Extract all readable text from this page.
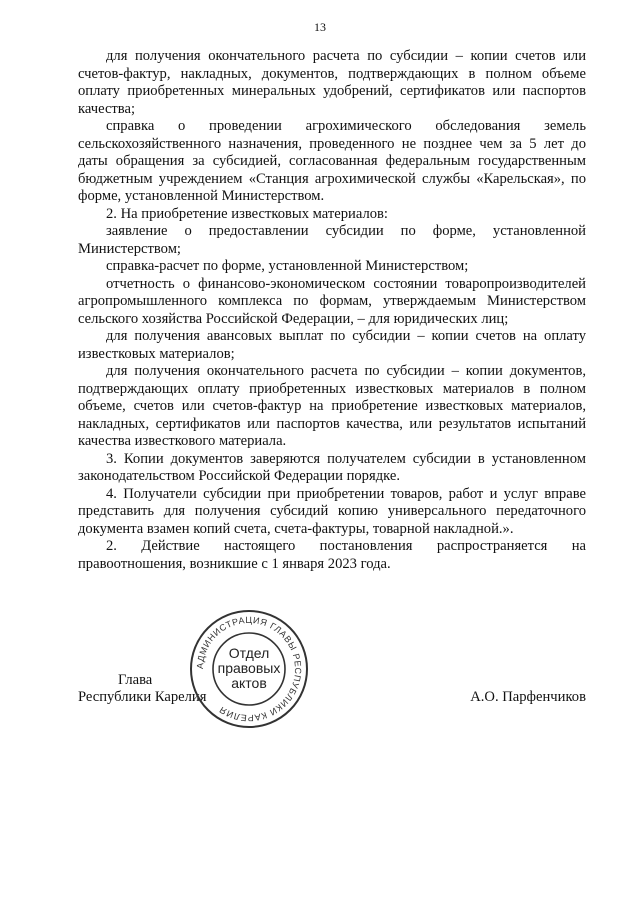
13

для получения окончательного расчета по субсидии – копии счетов или счетов-фактур, накладных, документов, подтверждающих в полном объеме оплату приобретенных минеральных удобрений, сертификатов или паспортов качества;

справка о проведении агрохимического обследования земель сельскохозяйственного назначения, проведенного не позднее чем за 5 лет до даты обращения за субсидией, согласованная федеральным государственным бюджетным учреждением «Станция агрохимической службы «Карельская», по форме, установленной Министерством.

2. На приобретение известковых материалов:

заявление о предоставлении субсидии по форме, установленной Министерством;

справка-расчет по форме, установленной Министерством;

отчетность о финансово-экономическом состоянии товаропроизводителей агропромышленного комплекса по формам, утверждаемым Министерством сельского хозяйства Российской Федерации, – для юридических лиц;

для получения авансовых выплат по субсидии – копии счетов на оплату известковых материалов;

для получения окончательного расчета по субсидии – копии документов, подтверждающих оплату приобретенных известковых материалов в полном объеме, счетов или счетов-фактур на приобретение известковых материалов, накладных, сертификатов или паспортов качества, или результатов испытаний качества известкового материала.

3. Копии документов заверяются получателем субсидии в установленном законодательством Российской Федерации порядке.

4. Получатели субсидии при приобретении товаров, работ и услуг вправе представить для получения субсидий копию универсального передаточного документа взамен копий счета, счета-фактуры, товарной накладной.».

2. Действие настоящего постановления распространяется на правоотношения, возникшие с 1 января 2023 года.

Глава
Республики Карелия	А.О. Парфенчиков
АДМИНИСТРАЦИЯ ГЛАВЫ РЕСПУБЛИКИ КАРЕЛИЯ
Отдел
правовых
актов
